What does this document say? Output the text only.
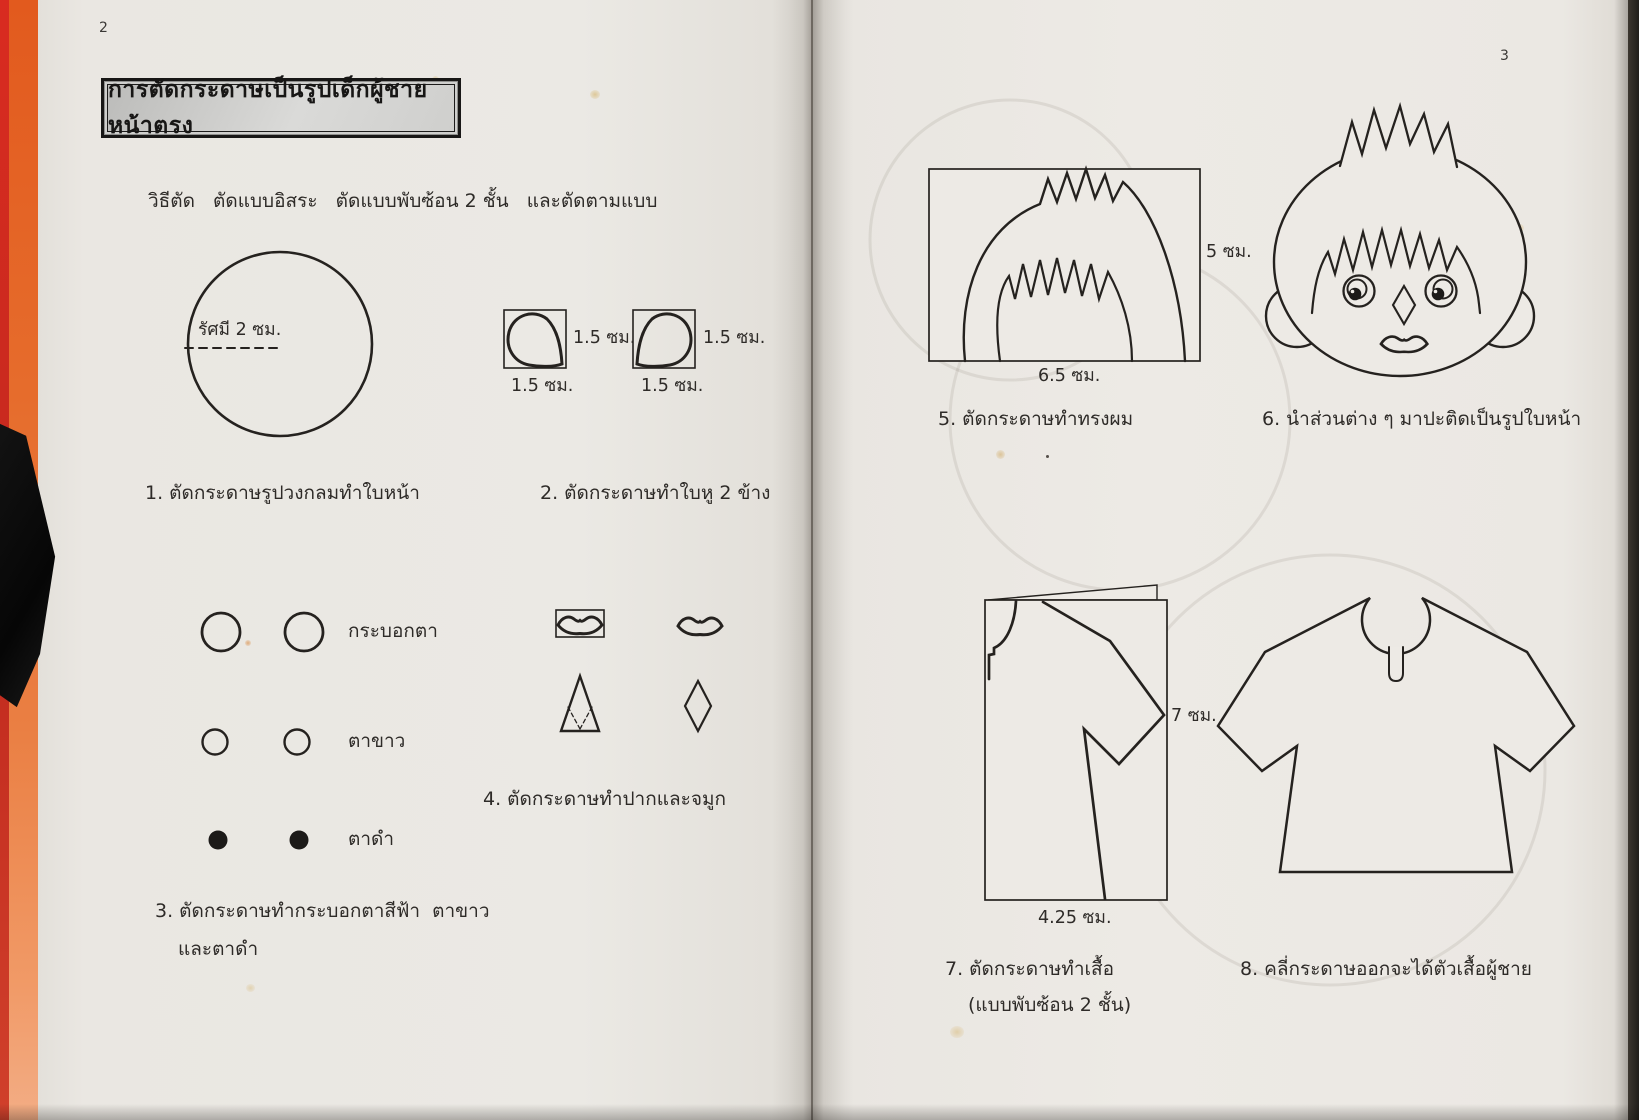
2
การตัดกระดาษเป็นรูปเด็กผู้ชายหน้าตรง
วิธีตัด   ตัดแบบอิสระ   ตัดแบบพับซ้อน 2 ชั้น   และตัดตามแบบ
รัศมี 2 ซม.	1.5 ซม.	1.5 ซม.
1.5 ซม.	1.5 ซม.
1. ตัดกระดาษรูปวงกลมทำใบหน้า	2. ตัดกระดาษทำใบหู 2 ข้าง
กระบอกตา
ตาขาว
ตาดำ
4. ตัดกระดาษทำปากและจมูก
3. ตัดกระดาษทำกระบอกตาสีฟ้า  ตาขาว
และตาดำ
3
5 ซม.
6.5 ซม.
5. ตัดกระดาษทำทรงผม	6. นำส่วนต่าง ๆ มาปะติดเป็นรูปใบหน้า
7 ซม.
4.25 ซม.
7. ตัดกระดาษทำเสื้อ
(แบบพับซ้อน 2 ชั้น)
8. คลี่กระดาษออกจะได้ตัวเสื้อผู้ชาย
